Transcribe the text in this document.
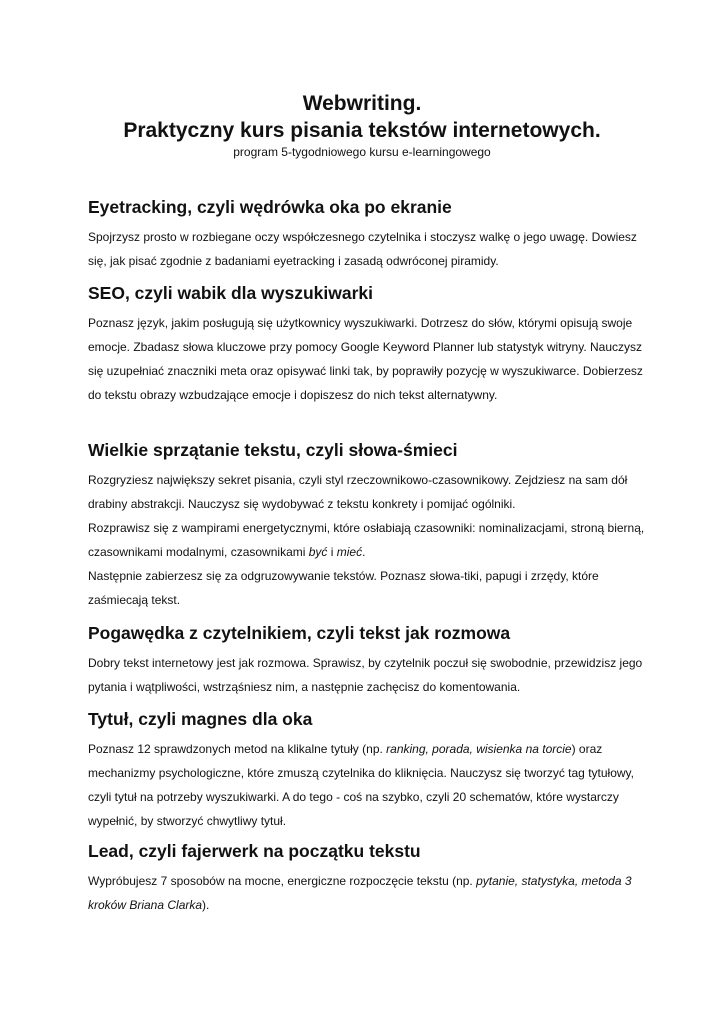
Webwriting.

Praktyczny kurs pisania tekstów internetowych.

program 5-tygodniowego kursu e-learningowego

Eyetracking, czyli wędrówka oka po ekranie

Spojrzysz prosto w rozbiegane oczy współczesnego czytelnika i stoczysz walkę o jego uwagę. Dowiesz się, jak pisać zgodnie z badaniami eyetracking i zasadą odwróconej piramidy.

SEO, czyli wabik dla wyszukiwarki

Poznasz język, jakim posługują się użytkownicy wyszukiwarki. Dotrzesz do słów, którymi opisują swoje emocje. Zbadasz słowa kluczowe przy pomocy Google Keyword Planner lub statystyk witryny. Nauczysz się uzupełniać znaczniki meta oraz opisywać linki tak, by poprawiły pozycję w wyszukiwarce. Dobierzesz do tekstu obrazy wzbudzające emocje i dopiszesz do nich tekst alternatywny.

Wielkie sprzątanie tekstu, czyli słowa-śmieci

Rozgryziesz największy sekret pisania, czyli styl rzeczownikowo-czasownikowy. Zejdziesz na sam dół drabiny abstrakcji. Nauczysz się wydobywać z tekstu konkrety i pomijać ogólniki.

Rozprawisz się z wampirami energetycznymi, które osłabiają czasowniki: nominalizacjami, stroną bierną, czasownikami modalnymi, czasownikami być i mieć.

Następnie zabierzesz się za odgruzowywanie tekstów. Poznasz słowa-tiki, papugi i zrzędy, które zaśmiecają tekst.

Pogawędka z czytelnikiem, czyli tekst jak rozmowa

Dobry tekst internetowy jest jak rozmowa. Sprawisz, by czytelnik poczuł się swobodnie, przewidzisz jego pytania i wątpliwości, wstrząśniesz nim, a następnie zachęcisz do komentowania.

Tytuł, czyli magnes dla oka

Poznasz 12 sprawdzonych metod na klikalne tytuły (np. ranking, porada, wisienka na torcie) oraz mechanizmy psychologiczne, które zmuszą czytelnika do kliknięcia. Nauczysz się tworzyć tag tytułowy, czyli tytuł na potrzeby wyszukiwarki. A do tego - coś na szybko, czyli 20 schematów, które wystarczy wypełnić, by stworzyć chwytliwy tytuł.

Lead, czyli fajerwerk na początku tekstu

Wypróbujesz 7 sposobów na mocne, energiczne rozpoczęcie tekstu (np. pytanie, statystyka, metoda 3 kroków Briana Clarka).
